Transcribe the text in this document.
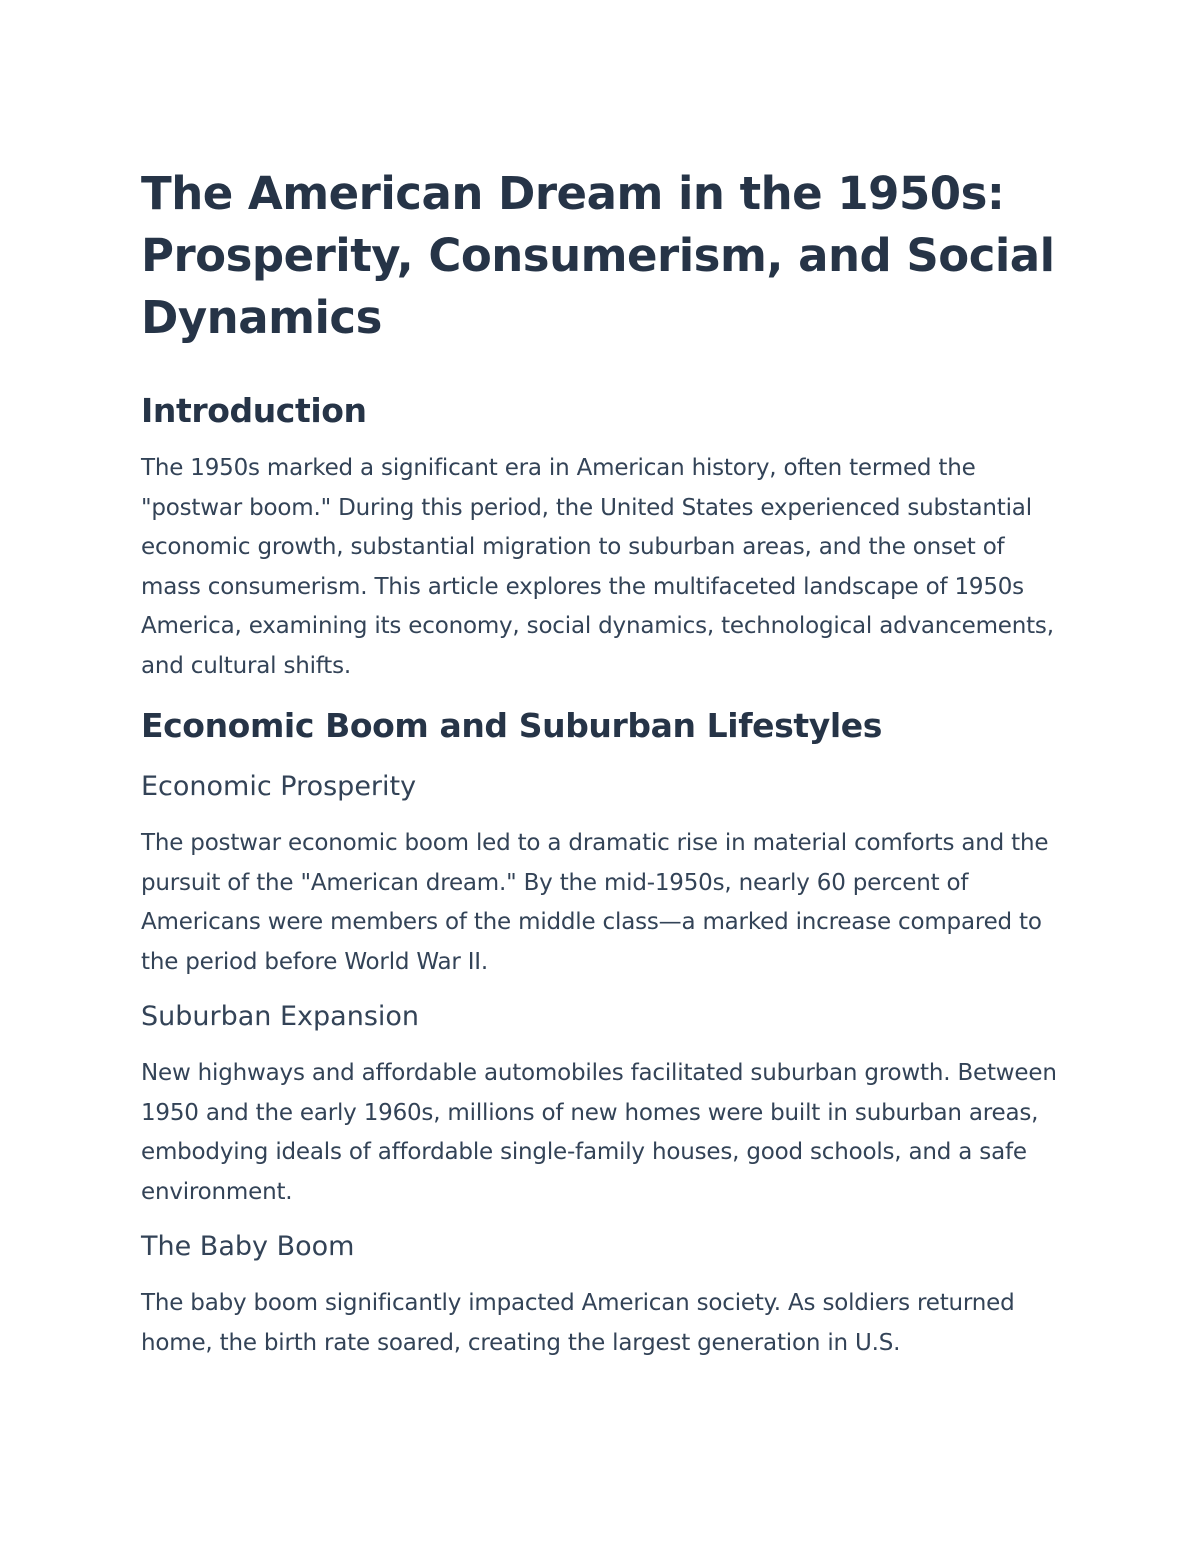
The American Dream in the 1950s: Prosperity, Consumerism, and Social Dynamics
Introduction

The 1950s marked a significant era in American history, often termed the "postwar boom." During this period, the United States experienced substantial economic growth, substantial migration to suburban areas, and the onset of mass consumerism. This article explores the multifaceted landscape of 1950s America, examining its economy, social dynamics, technological advancements, and cultural shifts.

Economic Boom and Suburban Lifestyles
Economic Prosperity

The postwar economic boom led to a dramatic rise in material comforts and the pursuit of the "American dream." By the mid-1950s, nearly 60 percent of Americans were members of the middle class—a marked increase compared to the period before World War II.

Suburban Expansion

New highways and affordable automobiles facilitated suburban growth. Between 1950 and the early 1960s, millions of new homes were built in suburban areas, embodying ideals of affordable single-family houses, good schools, and a safe environment.

The Baby Boom

The baby boom significantly impacted American society. As soldiers returned home, the birth rate soared, creating the largest generation in U.S.
